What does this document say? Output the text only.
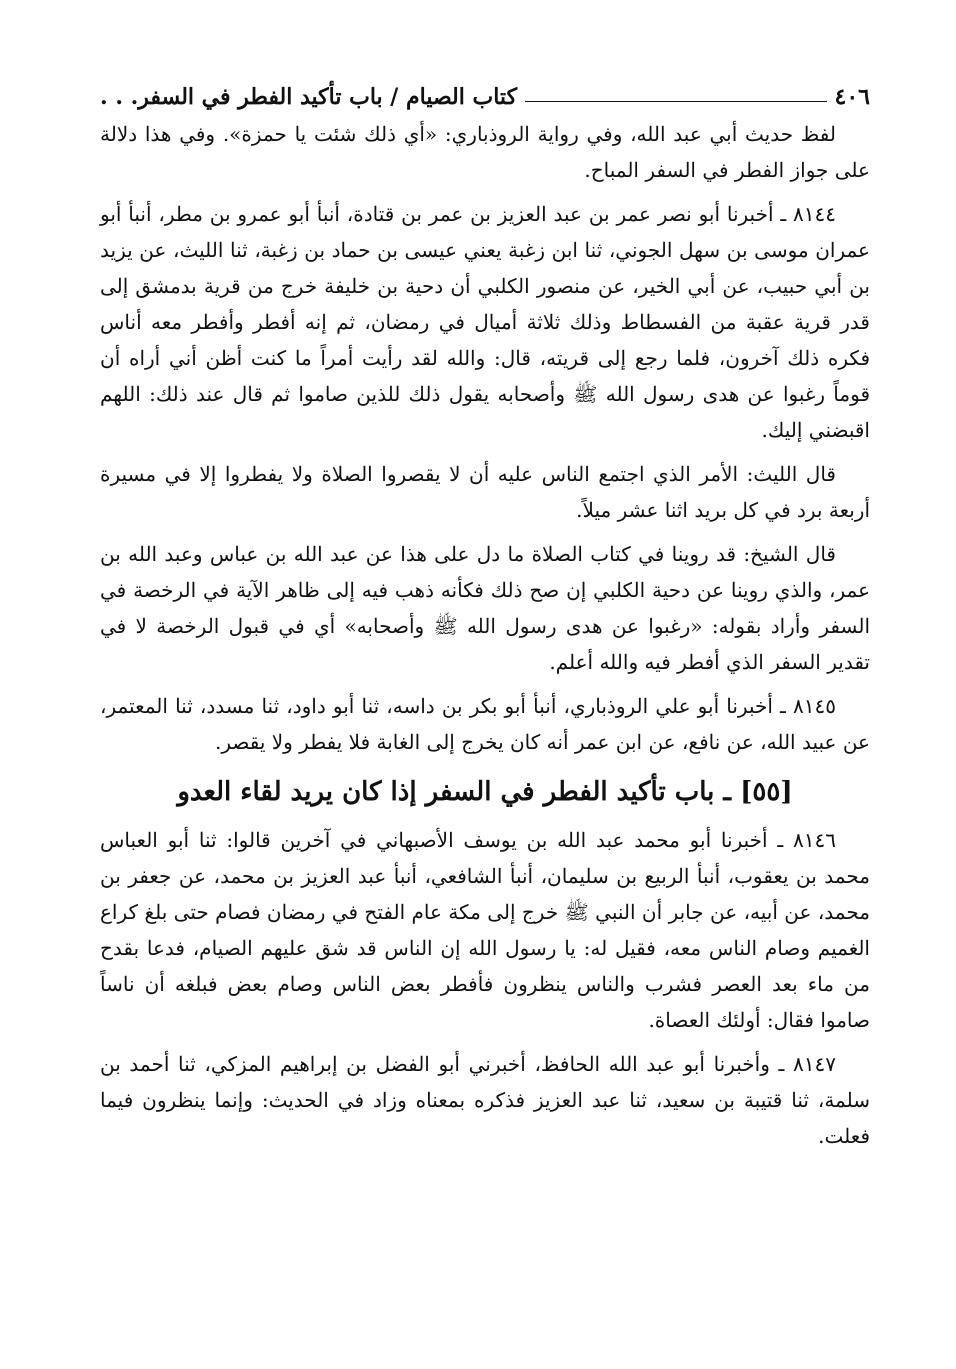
٤٠٦
كتاب الصيام / باب تأكيد الفطر في السفر. . .

لفظ حديث أبي عبد الله، وفي رواية الروذباري: «أي ذلك شئت يا حمزة». وفي هذا دلالة على جواز الفطر في السفر المباح.

٨١٤٤ ـ أخبرنا أبو نصر عمر بن عبد العزيز بن عمر بن قتادة، أنبأ أبو عمرو بن مطر، أنبأ أبو عمران موسى بن سهل الجوني، ثنا ابن زغبة يعني عيسى بن حماد بن زغبة، ثنا الليث، عن يزيد بن أبي حبيب، عن أبي الخير، عن منصور الكلبي أن دحية بن خليفة خرج من قرية بدمشق إلى قدر قرية عقبة من الفسطاط وذلك ثلاثة أميال في رمضان، ثم إنه أفطر وأفطر معه أناس فكره ذلك آخرون، فلما رجع إلى قريته، قال: والله لقد رأيت أمراً ما كنت أظن أني أراه أن قوماً رغبوا عن هدى رسول الله ﷺ وأصحابه يقول ذلك للذين صاموا ثم قال عند ذلك: اللهم اقبضني إليك.

قال الليث: الأمر الذي اجتمع الناس عليه أن لا يقصروا الصلاة ولا يفطروا إلا في مسيرة أربعة برد في كل بريد اثنا عشر ميلاً.

قال الشيخ: قد روينا في كتاب الصلاة ما دل على هذا عن عبد الله بن عباس وعبد الله بن عمر، والذي روينا عن دحية الكلبي إن صح ذلك فكأنه ذهب فيه إلى ظاهر الآية في الرخصة في السفر وأراد بقوله: «رغبوا عن هدى رسول الله ﷺ وأصحابه» أي في قبول الرخصة لا في تقدير السفر الذي أفطر فيه والله أعلم.

٨١٤٥ ـ أخبرنا أبو علي الروذباري، أنبأ أبو بكر بن داسه، ثنا أبو داود، ثنا مسدد، ثنا المعتمر، عن عبيد الله، عن نافع، عن ابن عمر أنه كان يخرج إلى الغابة فلا يفطر ولا يقصر.

[٥٥] ـ باب تأكيد الفطر في السفر إذا كان يريد لقاء العدو

٨١٤٦ ـ أخبرنا أبو محمد عبد الله بن يوسف الأصبهاني في آخرين قالوا: ثنا أبو العباس محمد بن يعقوب، أنبأ الربيع بن سليمان، أنبأ الشافعي، أنبأ عبد العزيز بن محمد، عن جعفر بن محمد، عن أبيه، عن جابر أن النبي ﷺ خرج إلى مكة عام الفتح في رمضان فصام حتى بلغ كراع الغميم وصام الناس معه، فقيل له: يا رسول الله إن الناس قد شق عليهم الصيام، فدعا بقدح من ماء بعد العصر فشرب والناس ينظرون فأفطر بعض الناس وصام بعض فبلغه أن ناساً صاموا فقال: أولئك العصاة.

٨١٤٧ ـ وأخبرنا أبو عبد الله الحافظ، أخبرني أبو الفضل بن إبراهيم المزكي، ثنا أحمد بن سلمة، ثنا قتيبة بن سعيد، ثنا عبد العزيز فذكره بمعناه وزاد في الحديث: وإنما ينظرون فيما فعلت.
